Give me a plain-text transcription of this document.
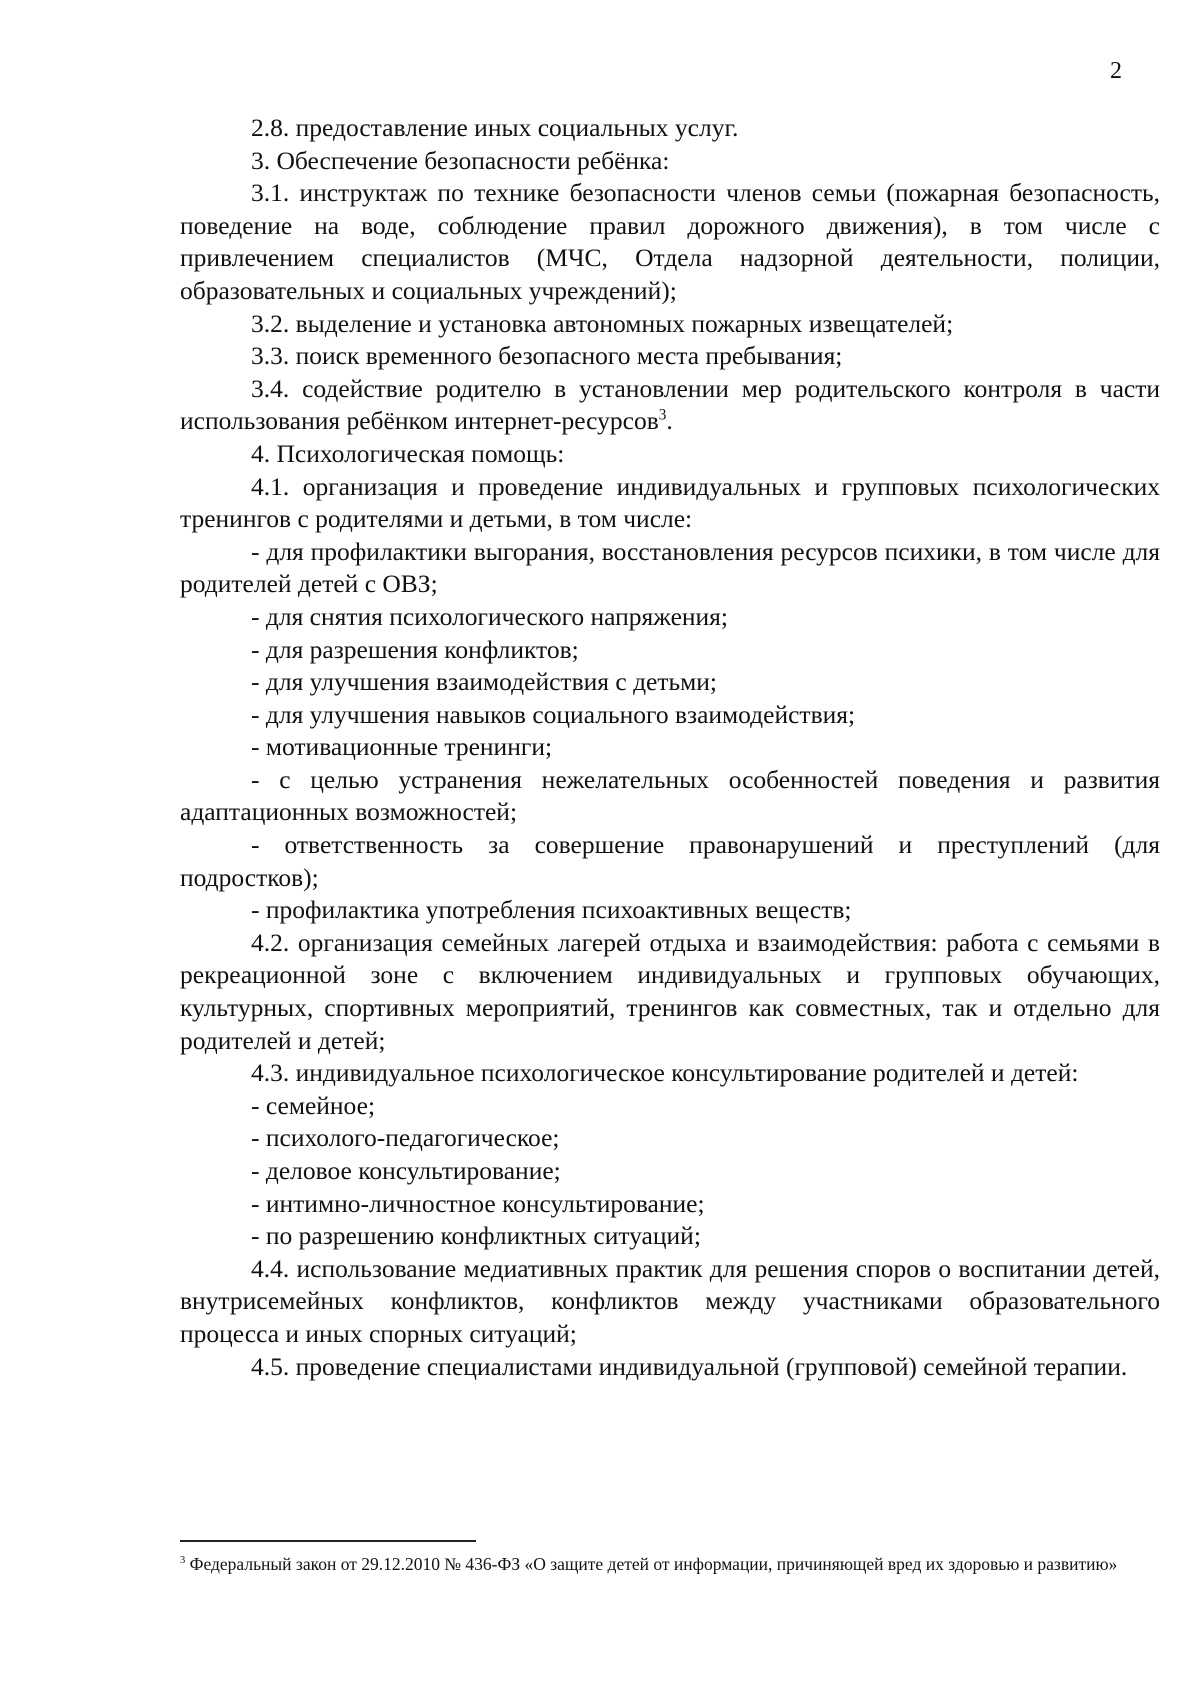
2

2.8. предоставление иных социальных услуг.

3. Обеспечение безопасности ребёнка:

3.1. инструктаж по технике безопасности членов семьи (пожарная безопасность, поведение на воде, соблюдение правил дорожного движения), в том числе с привлечением специалистов (МЧС, Отдела надзорной деятельности, полиции, образовательных и социальных учреждений);

3.2. выделение и установка автономных пожарных извещателей;

3.3. поиск временного безопасного места пребывания;

3.4. содействие родителю в установлении мер родительского контроля в части использования ребёнком интернет-ресурсов$^3$.

4. Психологическая помощь:

4.1. организация и проведение индивидуальных и групповых психологических тренингов с родителями и детьми, в том числе:

- для профилактики выгорания, восстановления ресурсов психики, в том числе для родителей детей с ОВЗ;

- для снятия психологического напряжения;

- для разрешения конфликтов;

- для улучшения взаимодействия с детьми;

- для улучшения навыков социального взаимодействия;

- мотивационные тренинги;

- с целью устранения нежелательных особенностей поведения и развития адаптационных возможностей;

- ответственность за совершение правонарушений и преступлений (для подростков);

- профилактика употребления психоактивных веществ;

4.2. организация семейных лагерей отдыха и взаимодействия: работа с семьями в рекреационной зоне с включением индивидуальных и групповых обучающих, культурных, спортивных мероприятий, тренингов как совместных, так и отдельно для родителей и детей;

4.3. индивидуальное психологическое консультирование родителей и детей:

- семейное;

- психолого-педагогическое;

- деловое консультирование;

- интимно-личностное консультирование;

- по разрешению конфликтных ситуаций;

4.4. использование медиативных практик для решения споров о воспитании детей, внутрисемейных конфликтов, конфликтов между участниками образовательного процесса и иных спорных ситуаций;

4.5. проведение специалистами индивидуальной (групповой) семейной терапии.

$^3$ Федеральный закон от 29.12.2010 № 436-ФЗ «О защите детей от информации, причиняющей вред их здоровью и развитию»
